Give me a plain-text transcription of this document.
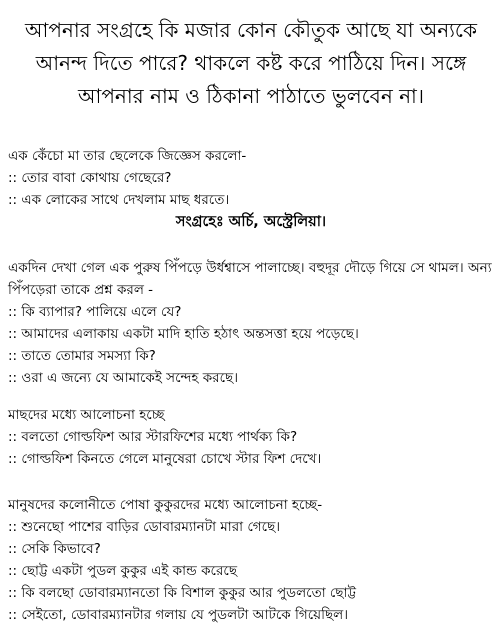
আপনার সংগ্রহে কি মজার কোন কৌতুক আছে যা অন্যকে
আনন্দ দিতে পারে? থাকলে কষ্ট করে পাঠিয়ে দিন। সঙ্গে
আপনার নাম ও ঠিকানা পাঠাতে ভুলবেন না।
এক কেঁচো মা তার ছেলেকে জিজ্ঞেস করলো-
:: তোর বাবা কোথায় গেছেরে?
:: এক লোকের সাথে দেখলাম মাছ ধরতে।
সংগ্রহেঃ অর্চি, অস্ট্রেলিয়া।
একদিন দেখা গেল এক পুরুষ পিঁপড়ে উর্ধশ্বাসে পালাচ্ছে। বহুদূর দৌড়ে গিয়ে সে থামল। অন্য পিঁপড়েরা তাকে প্রশ্ন করল -
:: কি ব্যাপার? পালিয়ে এলে যে?
:: আমাদের এলাকায় একটা মাদি হাতি হঠাৎ অন্তসত্তা হয়ে পড়েছে।
:: তাতে তোমার সমস্যা কি?
:: ওরা এ জন্যে যে আমাকেই সন্দেহ করছে।
মাছদের মধ্যে আলোচনা হচ্ছে
:: বলতো গোল্ডফিশ আর স্টারফিশের মধ্যে পার্থক্য কি?
:: গোল্ডফিশ কিনতে গেলে মানুষেরা চোখে স্টার ফিশ দেখে।
মানুষদের কলোনীতে পোষা কুকুরদের মধ্যে আলোচনা হচ্ছে-
:: শুনেছো পাশের বাড়ির ডোবারম্যানটা মারা গেছে।
:: সেকি কিভাবে?
:: ছোট্ট একটা পুডল কুকুর এই কান্ড করেছে
:: কি বলছো ডোবারম্যানতো কি বিশাল কুকুর আর পুডলতো ছোট্ট
:: সেইতো, ডোবারম্যানটার গলায় যে পুডলটা আটকে গিয়েছিল।
